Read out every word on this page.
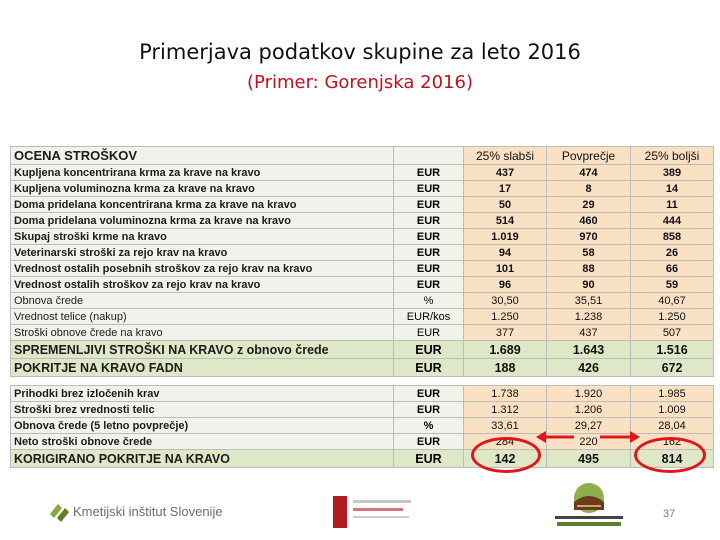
Primerjava podatkov skupine za leto 2016
(Primer: Gorenjska 2016)
OCENA STROŠKOV		25% slabši	Povprečje	25% boljši
Kupljena koncentrirana krma za krave na kravo	EUR	437	474	389
Kupljena voluminozna krma za krave na kravo	EUR	17	8	14
Doma pridelana koncentrirana krma za krave na kravo	EUR	50	29	11
Doma pridelana voluminozna krma za krave na kravo	EUR	514	460	444
Skupaj stroški krme na kravo	EUR	1.019	970	858
Veterinarski stroški za rejo krav na kravo	EUR	94	58	26
Vrednost ostalih posebnih stroškov za rejo krav na kravo	EUR	101	88	66
Vrednost ostalih stroškov za rejo krav na kravo	EUR	96	90	59
Obnova črede	%	30,50	35,51	40,67
Vrednost telice (nakup)	EUR/kos	1.250	1.238	1.250
Stroški obnove črede na kravo	EUR	377	437	507
SPREMENLJIVI STROŠKI NA KRAVO z obnovo črede	EUR	1.689	1.643	1.516
POKRITJE NA KRAVO FADN	EUR	188	426	672

Prihodki brez izločenih krav	EUR	1.738	1.920	1.985
Stroški brez vrednosti telic	EUR	1.312	1.206	1.009
Obnova črede (5 letno povprečje)	%	33,61	29,27	28,04
Neto stroški obnove črede	EUR	284	220	162
KORIGIRANO POKRITJE NA KRAVO	EUR	142	495	814
Kmetijski inštitut Slovenije	37
